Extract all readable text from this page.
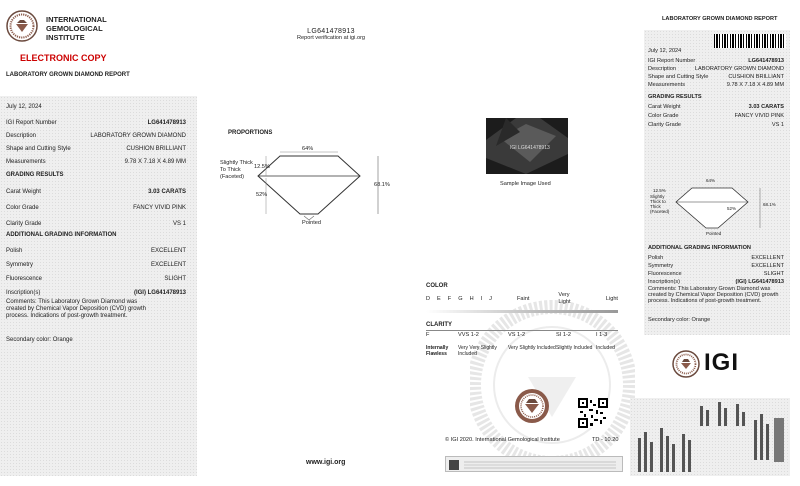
INTERNATIONAL
GEMOLOGICAL
INSTITUTE
ELECTRONIC COPY
LABORATORY GROWN DIAMOND REPORT
July 12, 2024
IGI Report Number	LG641478913
Description	LABORATORY GROWN DIAMOND
Shape and Cutting Style	CUSHION BRILLIANT
Measurements	9.78 X 7.18 X 4.89 MM
GRADING RESULTS
Carat Weight	3.03 CARATS
Color Grade	FANCY VIVID PINK
Clarity Grade	VS 1
ADDITIONAL GRADING INFORMATION
Polish	EXCELLENT
Symmetry	EXCELLENT
Fluorescence	SLIGHT
Inscription(s)	(IGI) LG641478913
Comments: This Laboratory Grown Diamond was created by Chemical Vapor Deposition (CVD) growth process. Indications of post-growth treatment.
Secondary color: Orange
LG641478913
Report verification at igi.org
PROPORTIONS
64%
12.5%
52%
68.1%
Slightly Thick To Thick (Faceted)
Pointed
IGI LG641478913
Sample Image Used
COLOR
D E F G H I J	Faint
Very Light
Light
CLARITY
F	VVS 1-2	VS 1-2	SI 1-2	I 1-3
Internally Flawless
Very Very Slightly Included
Very Slightly Included Slightly Included Included
© IGI 2020. International Gemological Institute	TD - 10.20
www.igi.org
LABORATORY GROWN DIAMOND REPORT
July 12, 2024
IGI Report Number	LG641478913
Description	LABORATORY GROWN DIAMOND
Shape and Cutting Style	CUSHION BRILLIANT
Measurements	9.78 X 7.18 X 4.89 MM
GRADING RESULTS
Carat Weight	3.03 CARATS
Color Grade	FANCY VIVID PINK
Clarity Grade	VS 1
64%
12.5%
52%
68.1%
Slightly Thick to Thick (Faceted)
Pointed
ADDITIONAL GRADING INFORMATION
Polish	EXCELLENT
Symmetry	EXCELLENT
Fluorescence	SLIGHT
Inscription(s)	(IGI) LG641478913
Comments: This Laboratory Grown Diamond was created by Chemical Vapor Deposition (CVD) growth process. Indications of post-growth treatment.
Secondary color: Orange
IGI
